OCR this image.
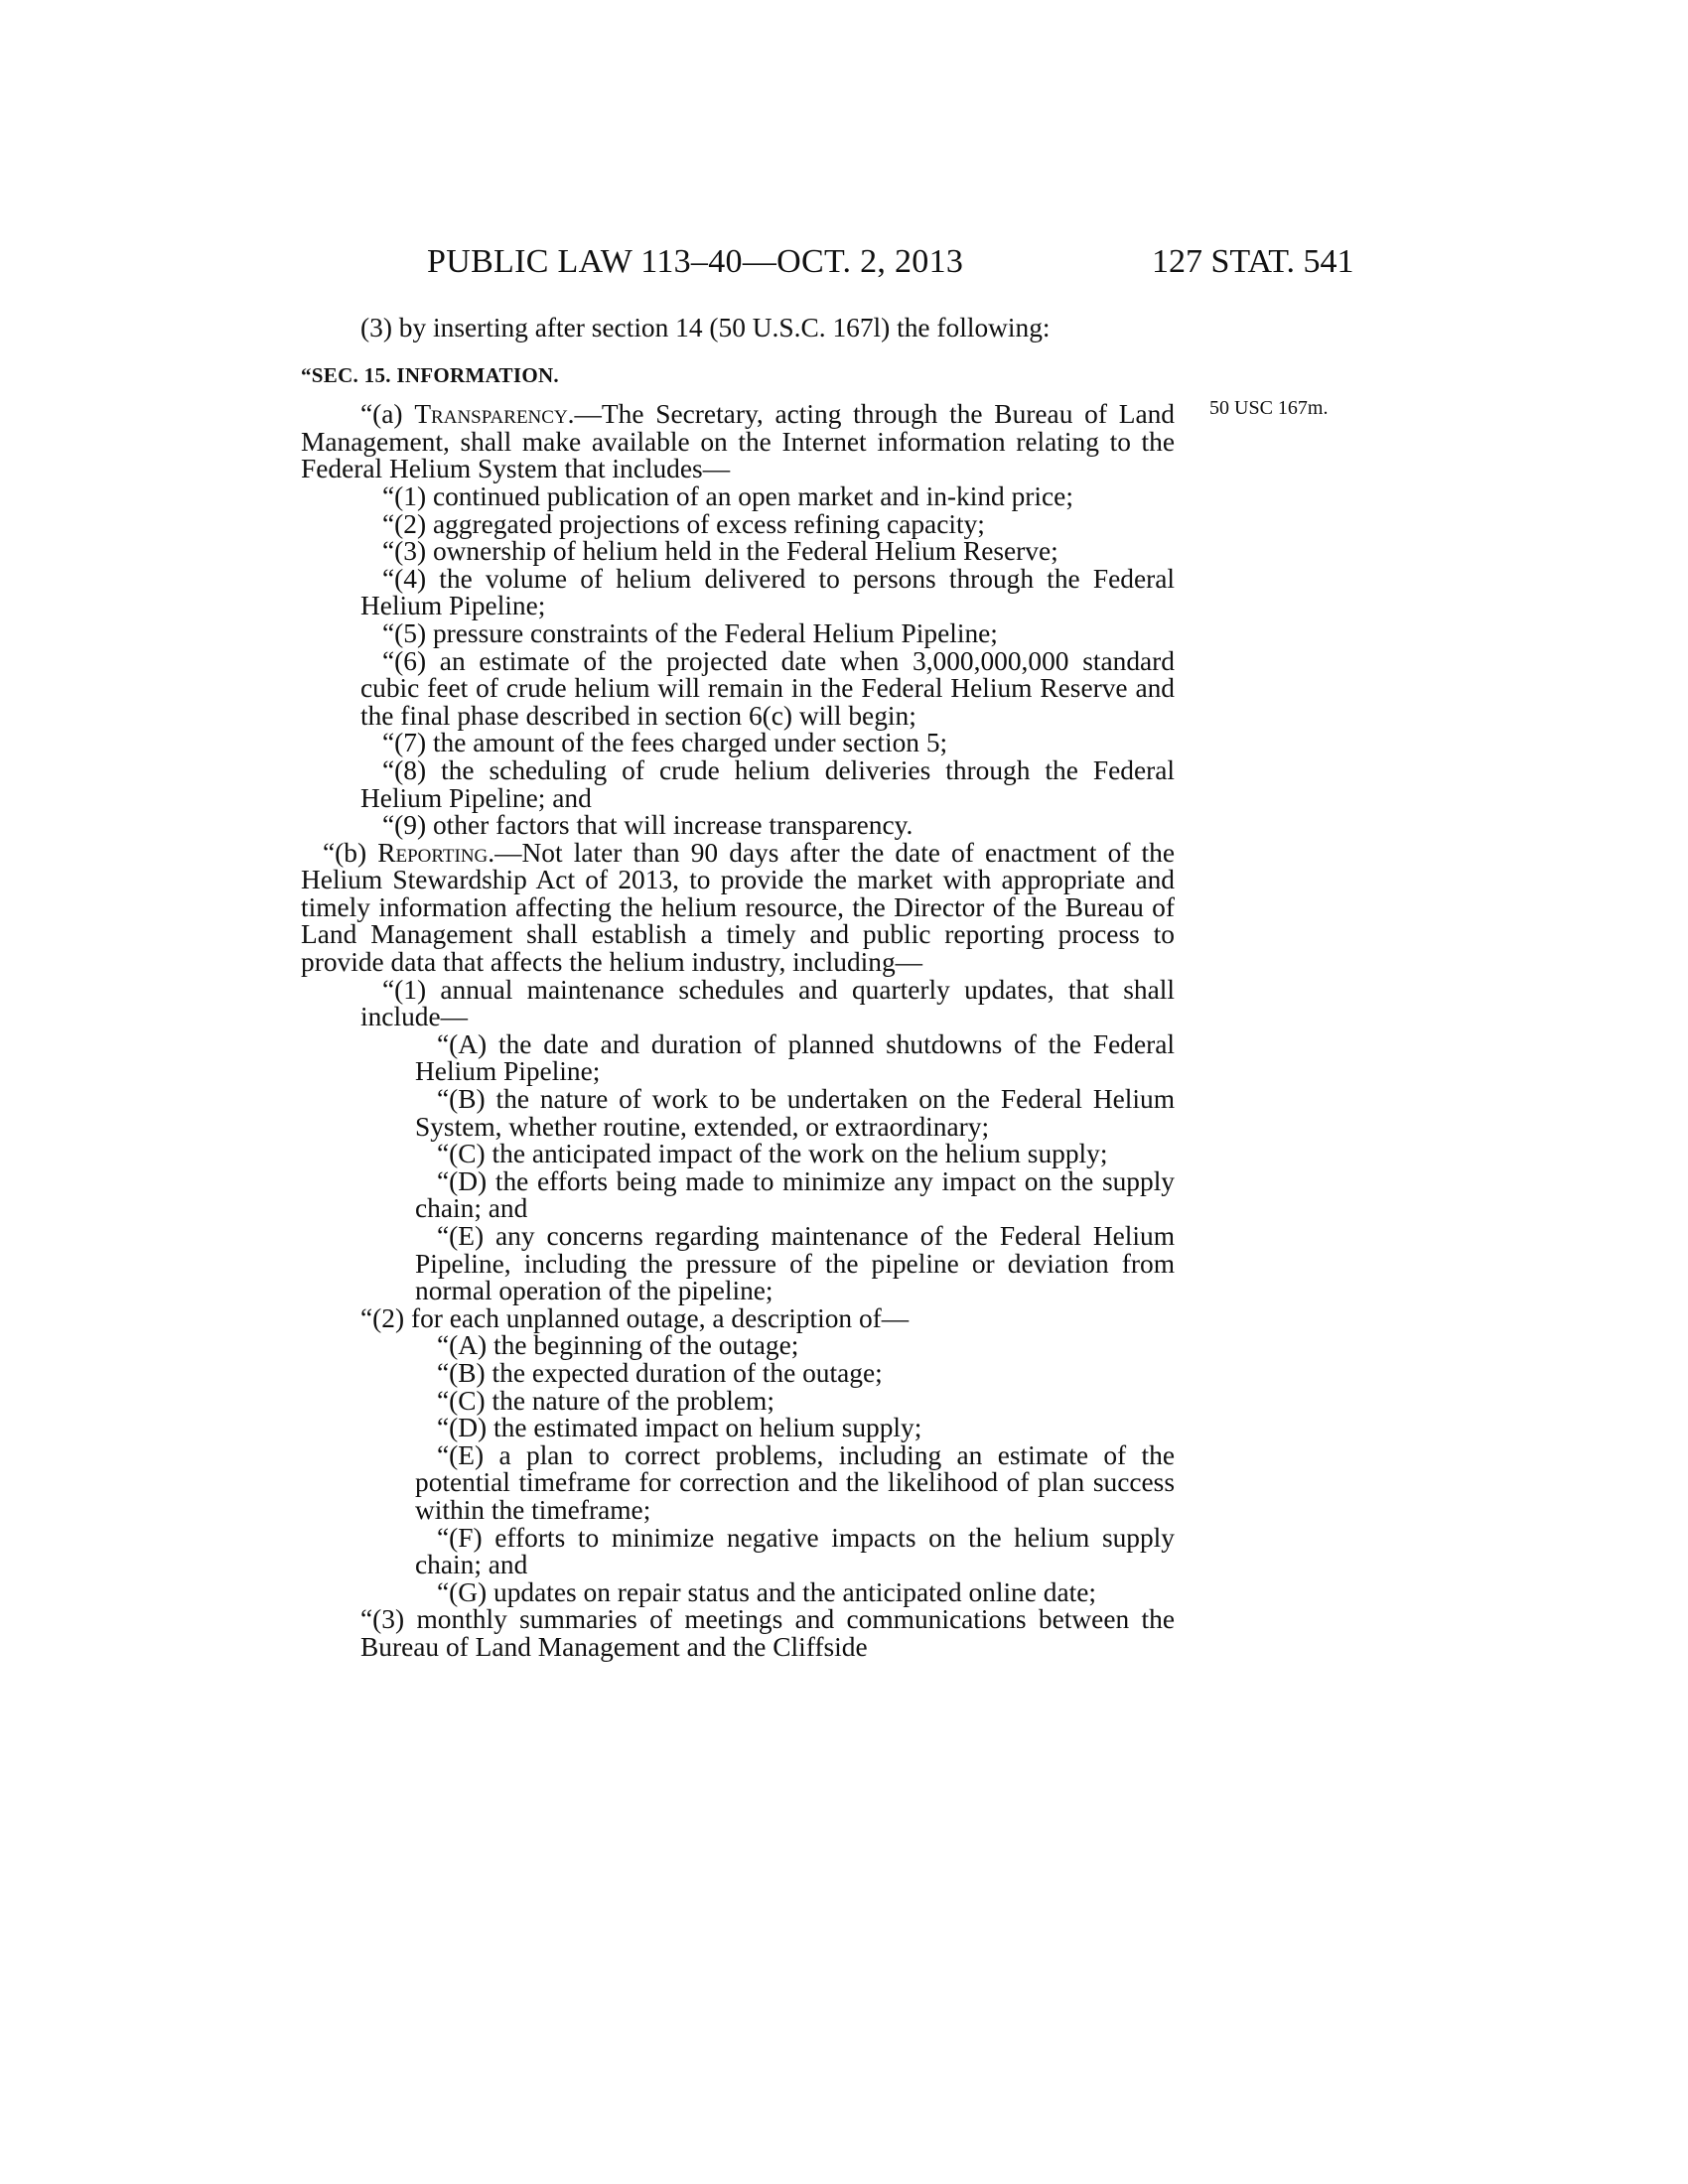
PUBLIC LAW 113–40—OCT. 2, 2013	127 STAT. 541
50 USC 167m.

(3) by inserting after section 14 (50 U.S.C. 167l) the following:

“SEC. 15. INFORMATION.

“(a) Transparency.—The Secretary, acting through the Bureau of Land Management, shall make available on the Internet information relating to the Federal Helium System that includes—

“(1) continued publication of an open market and in-kind price;

“(2) aggregated projections of excess refining capacity;

“(3) ownership of helium held in the Federal Helium Reserve;

“(4) the volume of helium delivered to persons through the Federal Helium Pipeline;

“(5) pressure constraints of the Federal Helium Pipeline;

“(6) an estimate of the projected date when 3,000,000,000 standard cubic feet of crude helium will remain in the Federal Helium Reserve and the final phase described in section 6(c) will begin;

“(7) the amount of the fees charged under section 5;

“(8) the scheduling of crude helium deliveries through the Federal Helium Pipeline; and

“(9) other factors that will increase transparency.

“(b) Reporting.—Not later than 90 days after the date of enactment of the Helium Stewardship Act of 2013, to provide the market with appropriate and timely information affecting the helium resource, the Director of the Bureau of Land Management shall establish a timely and public reporting process to provide data that affects the helium industry, including—

“(1) annual maintenance schedules and quarterly updates, that shall include—

“(A) the date and duration of planned shutdowns of the Federal Helium Pipeline;

“(B) the nature of work to be undertaken on the Federal Helium System, whether routine, extended, or extraordinary;

“(C) the anticipated impact of the work on the helium supply;

“(D) the efforts being made to minimize any impact on the supply chain; and

“(E) any concerns regarding maintenance of the Federal Helium Pipeline, including the pressure of the pipeline or deviation from normal operation of the pipeline;

“(2) for each unplanned outage, a description of—

“(A) the beginning of the outage;

“(B) the expected duration of the outage;

“(C) the nature of the problem;

“(D) the estimated impact on helium supply;

“(E) a plan to correct problems, including an estimate of the potential timeframe for correction and the likelihood of plan success within the timeframe;

“(F) efforts to minimize negative impacts on the helium supply chain; and

“(G) updates on repair status and the anticipated online date;

“(3) monthly summaries of meetings and communications between the Bureau of Land Management and the Cliffside
